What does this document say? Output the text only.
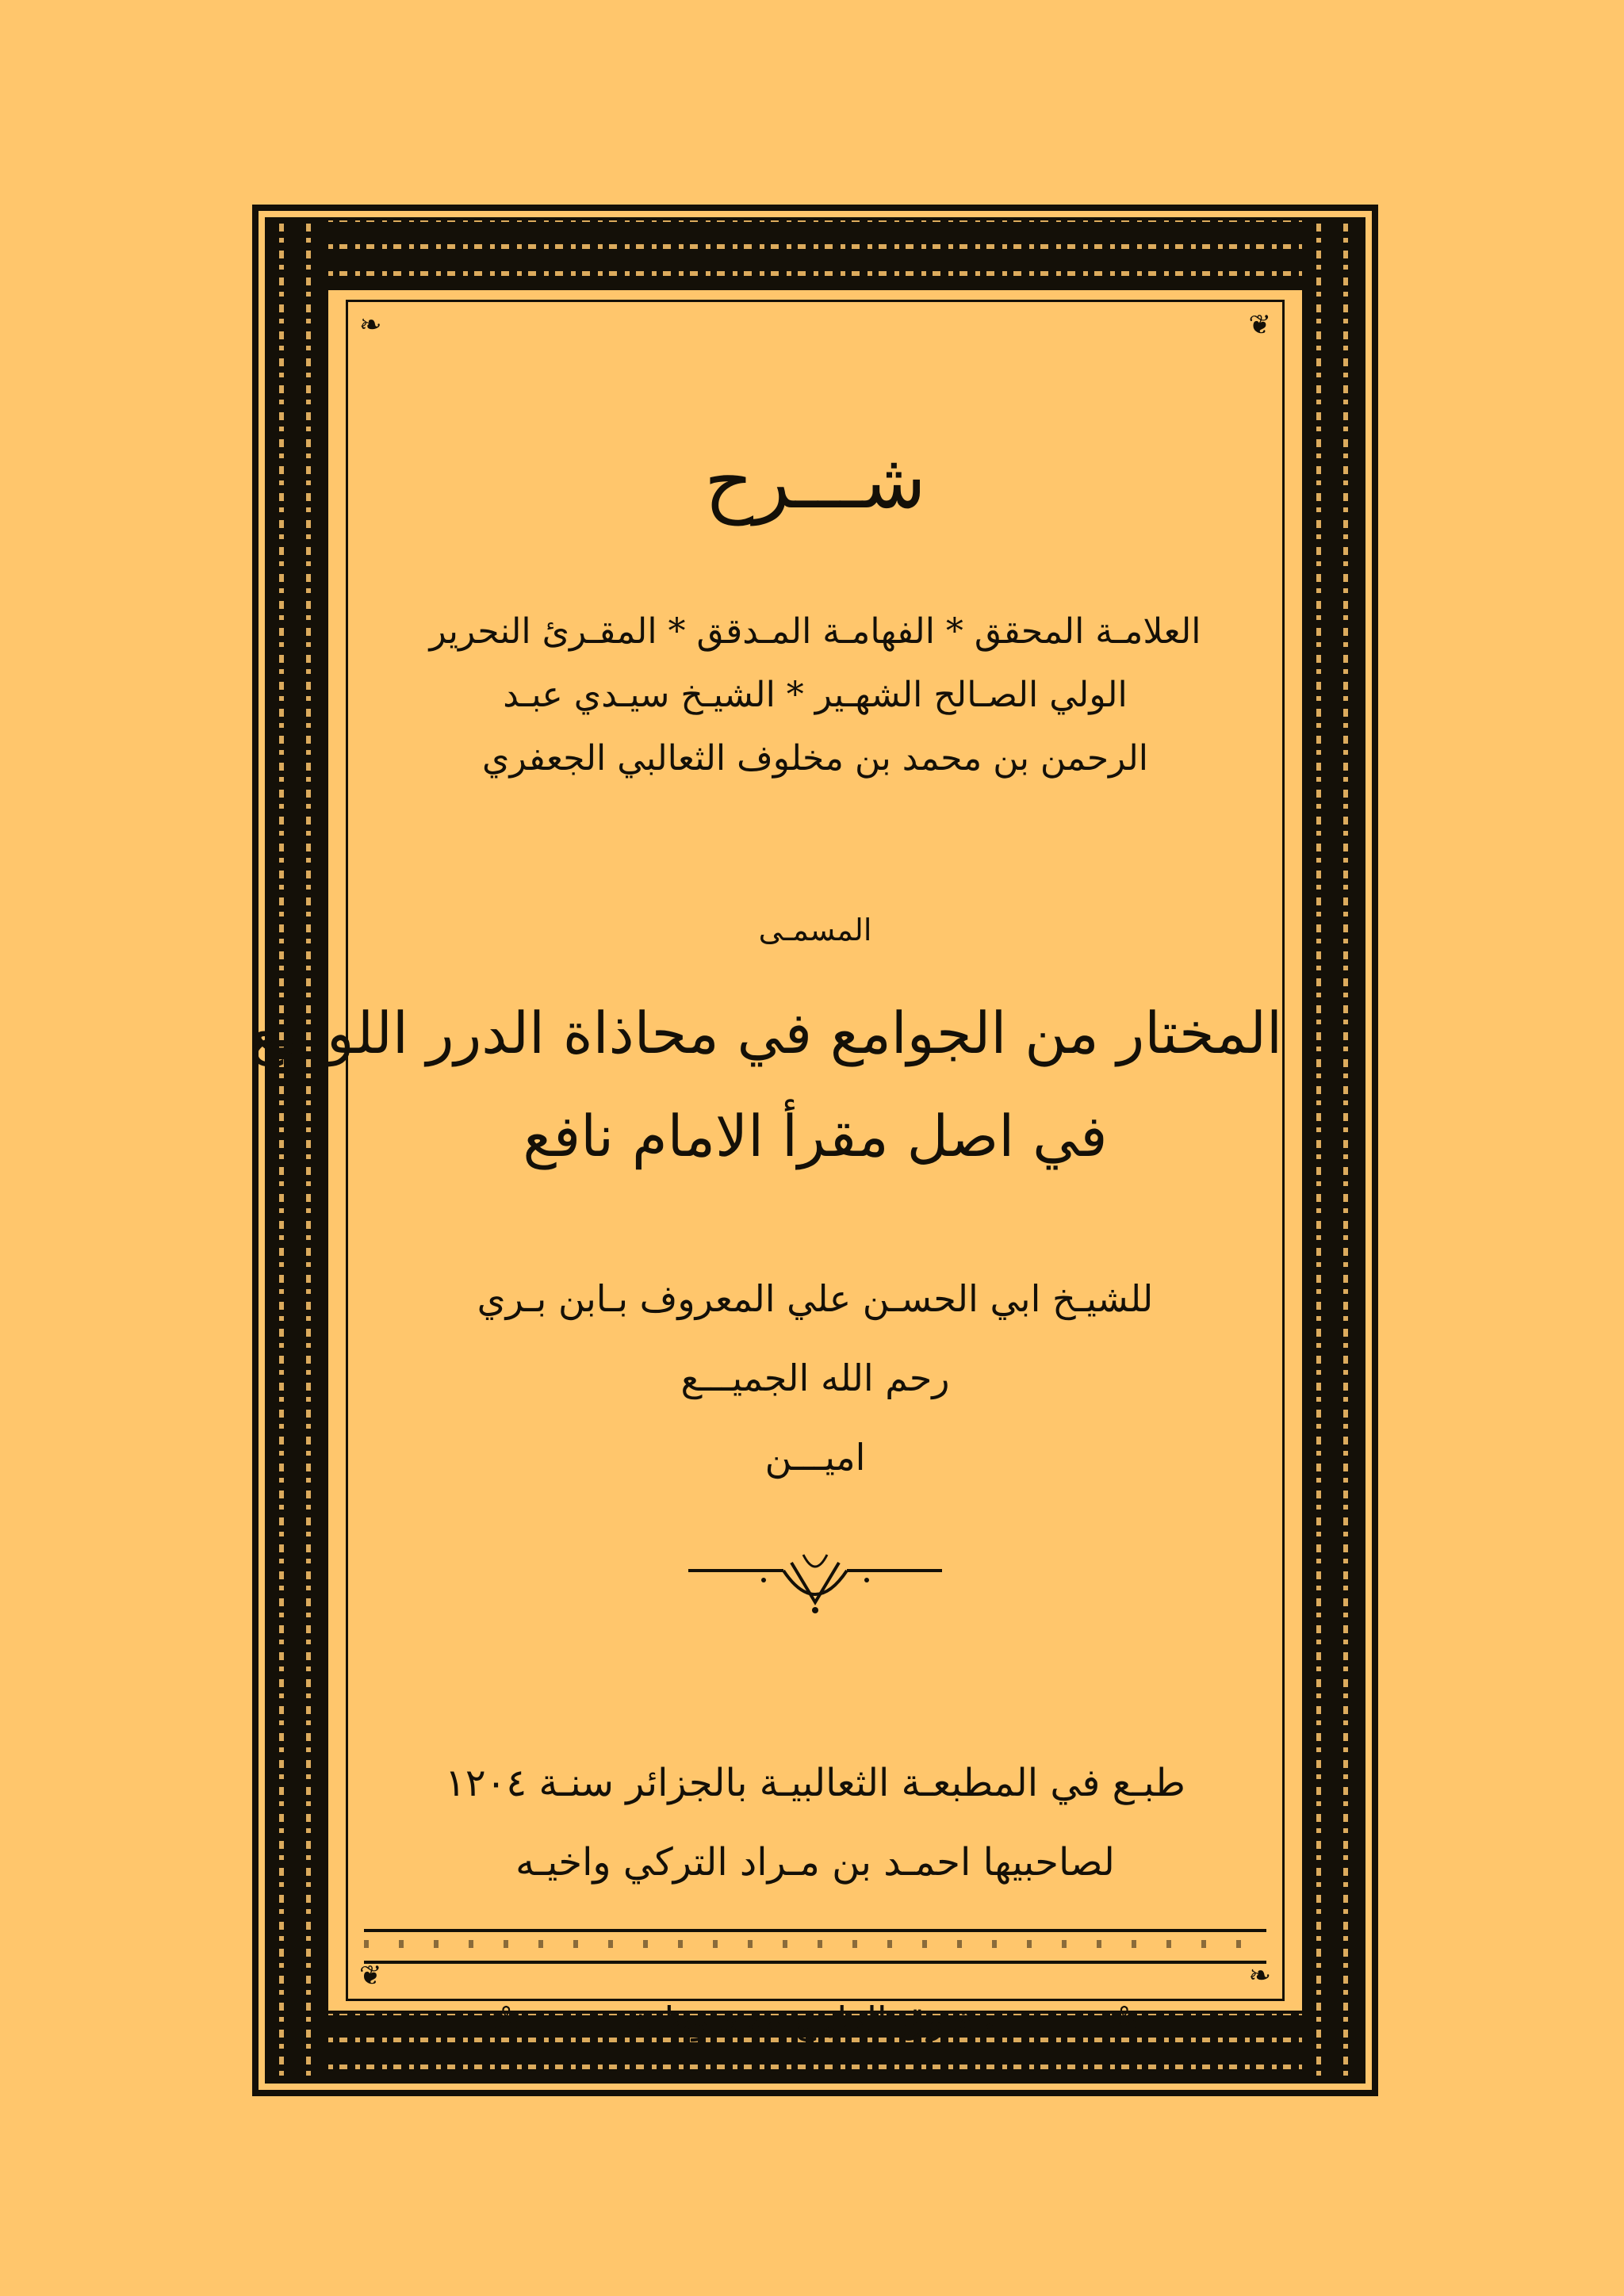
❧	❦
❦	❧
شـــرح
العلامـة المحقق * الفهامـة المـدقق * المقـرئ النحرير
الولي الصـالح الشهـير * الشيـخ سيـدي عبـد
الرحمن بن محمد بن مخلوف الثعالبي الجعفري
المسمـى
المختار من الجوامع في محاذاة الدرر اللوامع
في اصل مقرأ الامام نافع
للشيـخ ابي الحسـن علي المعروف بـابن بـري
رحم الله الجميـــع
اميـــن
طبـع في المطبعـة الثعالبيـة بالجزائر سنـة ١٢٠٤
لصاحبيها احمـد بن مـراد التركي واخيـه
✾	حقـوق الطبـع محفـوظـة	✾
